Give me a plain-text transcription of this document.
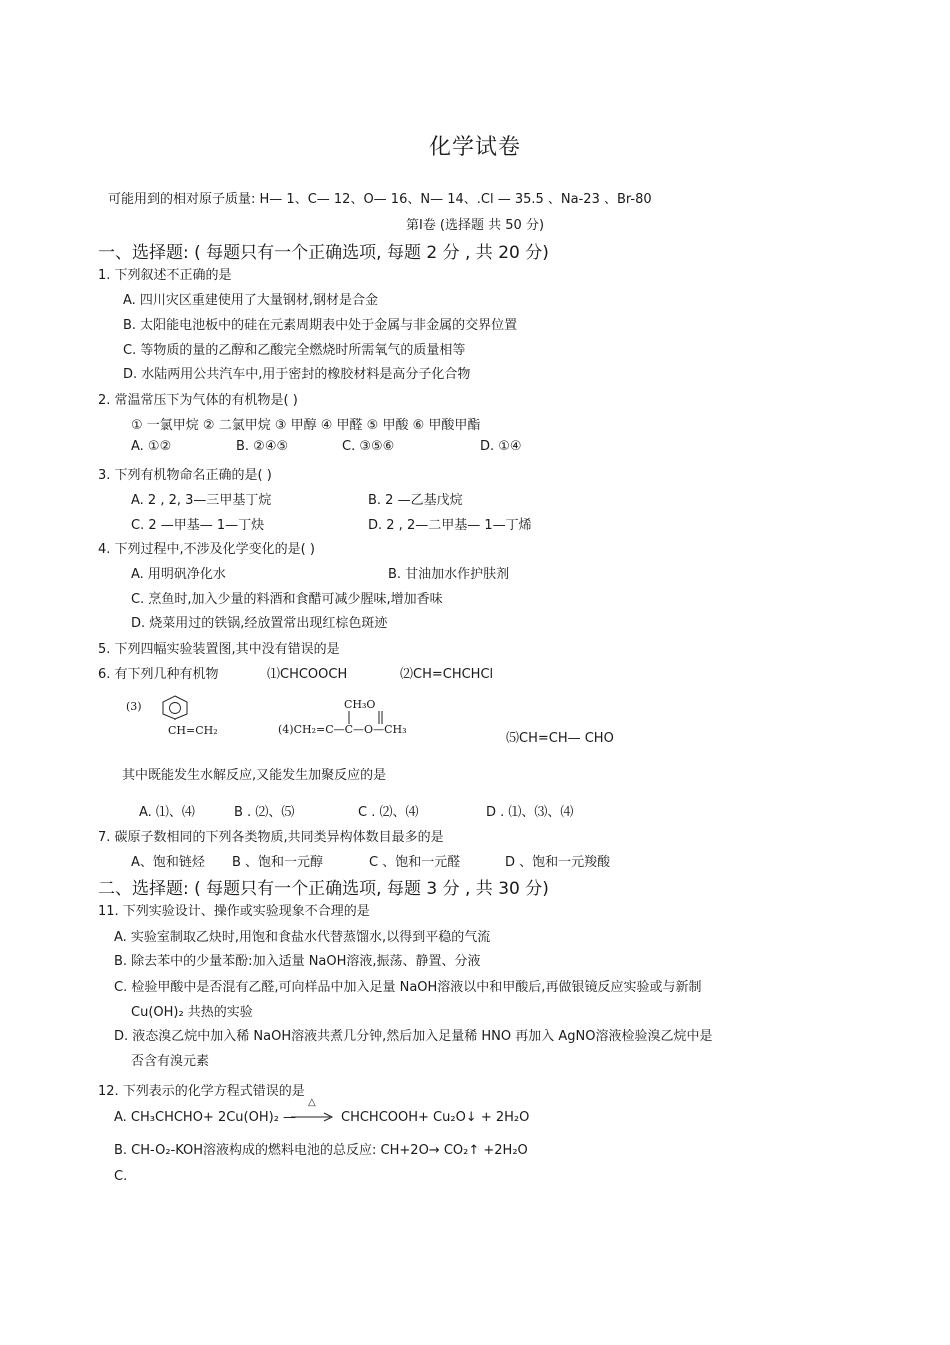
化学试卷
可能用到的相对原子质量: H— 1、C— 12、O— 16、N— 14、.Cl — 35.5 、Na-23 、Br-80
第Ⅰ卷 (选择题 共 50 分)
一、选择题: ( 每题只有一个正确选项, 每题 2 分 , 共 20 分)
1. 下列叙述不正确的是
A. 四川灾区重建使用了大量钢材,钢材是合金
B. 太阳能电池板中的硅在元素周期表中处于金属与非金属的交界位置
C. 等物质的量的乙醇和乙酸完全燃烧时所需氧气的质量相等
D. 水陆两用公共汽车中,用于密封的橡胶材料是高分子化合物
2. 常温常压下为气体的有机物是( )
① 一氯甲烷 ② 二氯甲烷 ③ 甲醇 ④ 甲醛 ⑤ 甲酸 ⑥ 甲酸甲酯
A. ①②	B. ②④⑤	C. ③⑤⑥	D. ①④
3. 下列有机物命名正确的是( )
A. 2 , 2, 3—三甲基丁烷	B. 2 —乙基戊烷
C. 2 —甲基— 1—丁炔	D. 2 , 2—二甲基— 1—丁烯
4. 下列过程中,不涉及化学变化的是( )
A. 用明矾净化水	B. 甘油加水作护肤剂
C. 烹鱼时,加入少量的料酒和食醋可减少腥味,增加香味
D. 烧菜用过的铁锅,经放置常出现红棕色斑迹
5. 下列四幅实验装置图,其中没有错误的是
6. 有下列几种有机物	⑴CHCOOCH	⑵CH=CHCHCl
(3)
CH=CH₂
CH₃O
(4)CH₂=C—C—O—CH₃
⑸CH=CH— CHO
其中既能发生水解反应,又能发生加聚反应的是
A. ⑴、⑷	B . ⑵、⑸	C . ⑵、⑷	D . ⑴、⑶、⑷
7. 碳原子数相同的下列各类物质,共同类异构体数目最多的是
A、饱和链烃 B 、饱和一元醇	C 、饱和一元醛	D 、饱和一元羧酸
二、选择题: ( 每题只有一个正确选项, 每题 3 分 , 共 30 分)
11. 下列实验设计、操作或实验现象不合理的是
A. 实验室制取乙炔时,用饱和食盐水代替蒸馏水,以得到平稳的气流
B. 除去苯中的少量苯酚:加入适量 NaOH溶液,振荡、静置、分液
C. 检验甲酸中是否混有乙醛,可向样品中加入足量 NaOH溶液以中和甲酸后,再做银镜反应实验或与新制
Cu(OH)₂ 共热的实验
D. 液态溴乙烷中加入稀 NaOH溶液共煮几分钟,然后加入足量稀 HNO 再加入 AgNO溶液检验溴乙烷中是
否含有溴元素
12. 下列表示的化学方程式错误的是
A. CH₃CHCHO+ 2Cu(OH)₂ —
△
→ CHCHCOOH+ Cu₂O↓ + 2H₂O
B. CH-O₂-KOH溶液构成的燃料电池的总反应: CH+2O→ CO₂↑ +2H₂O
C.
